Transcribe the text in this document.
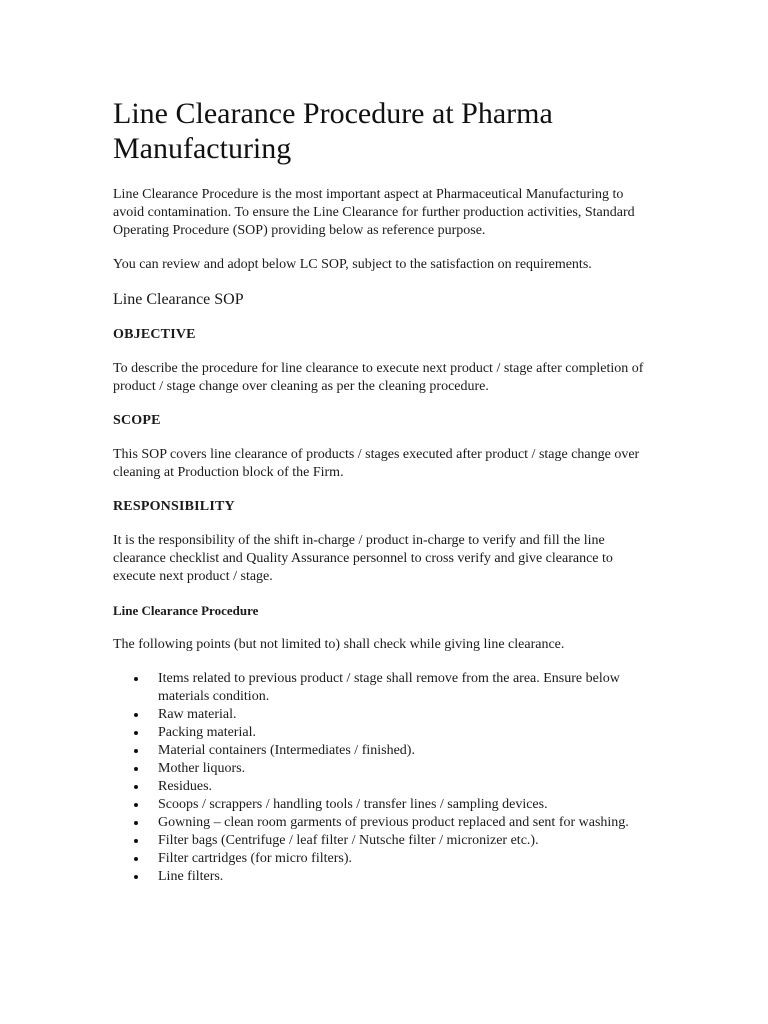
Line Clearance Procedure at Pharma Manufacturing

Line Clearance Procedure is the most important aspect at Pharmaceutical Manufacturing to avoid contamination. To ensure the Line Clearance for further production activities, Standard Operating Procedure (SOP) providing below as reference purpose.

You can review and adopt below LC SOP, subject to the satisfaction on requirements.

Line Clearance SOP
OBJECTIVE

To describe the procedure for line clearance to execute next product / stage after completion of product / stage change over cleaning as per the cleaning procedure.

SCOPE

This SOP covers line clearance of products / stages executed after product / stage change over cleaning at Production block of the Firm.

RESPONSIBILITY

It is the responsibility of the shift in-charge / product in-charge to verify and fill the line clearance checklist and Quality Assurance personnel to cross verify and give clearance to execute next product / stage.

Line Clearance Procedure

The following points (but not limited to) shall check while giving line clearance.

Items related to previous product / stage shall remove from the area. Ensure below materials condition.
Raw material.
Packing material.
Material containers (Intermediates / finished).
Mother liquors.
Residues.
Scoops / scrappers / handling tools / transfer lines / sampling devices.
Gowning – clean room garments of previous product replaced and sent for washing.
Filter bags (Centrifuge / leaf filter / Nutsche filter / micronizer etc.).
Filter cartridges (for micro filters).
Line filters.
